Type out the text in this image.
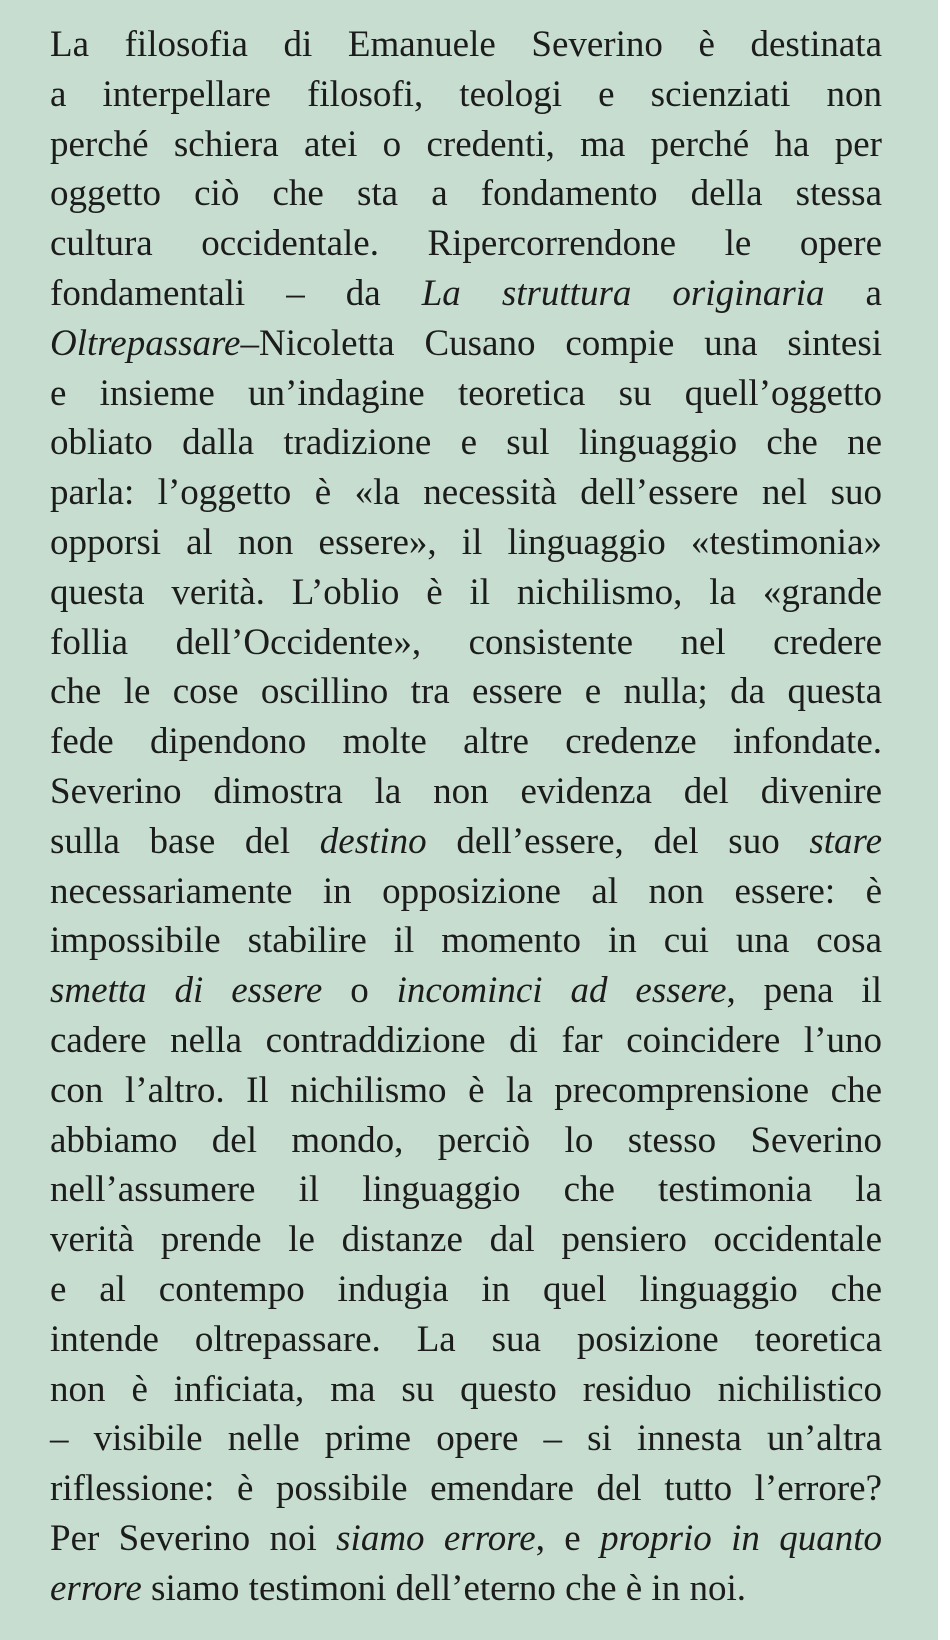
La filosofia di Emanuele Severino è destinata
a interpellare filosofi, teologi e scienziati non
perché schiera atei o credenti, ma perché ha per
oggetto ciò che sta a fondamento della stessa
cultura occidentale. Ripercorrendone le opere
fondamentali – da La struttura originaria a
Oltrepassare–Nicoletta Cusano compie una sintesi
e insieme un’indagine teoretica su quell’oggetto
obliato dalla tradizione e sul linguaggio che ne
parla: l’oggetto è «la necessità dell’essere nel suo
opporsi al non essere», il linguaggio «testimonia»
questa verità. L’oblio è il nichilismo, la «grande
follia dell’Occidente», consistente nel credere
che le cose oscillino tra essere e nulla; da questa
fede dipendono molte altre credenze infondate.
Severino dimostra la non evidenza del divenire
sulla base del destino dell’essere, del suo stare
necessariamente in opposizione al non essere: è
impossibile stabilire il momento in cui una cosa
smetta di essere o incominci ad essere, pena il
cadere nella contraddizione di far coincidere l’uno
con l’altro. Il nichilismo è la precomprensione che
abbiamo del mondo, perciò lo stesso Severino
nell’assumere il linguaggio che testimonia la
verità prende le distanze dal pensiero occidentale
e al contempo indugia in quel linguaggio che
intende oltrepassare. La sua posizione teoretica
non è inficiata, ma su questo residuo nichilistico
– visibile nelle prime opere – si innesta un’altra
riflessione: è possibile emendare del tutto l’errore?
Per Severino noi siamo errore, e proprio in quanto
errore siamo testimoni dell’eterno che è in noi.
